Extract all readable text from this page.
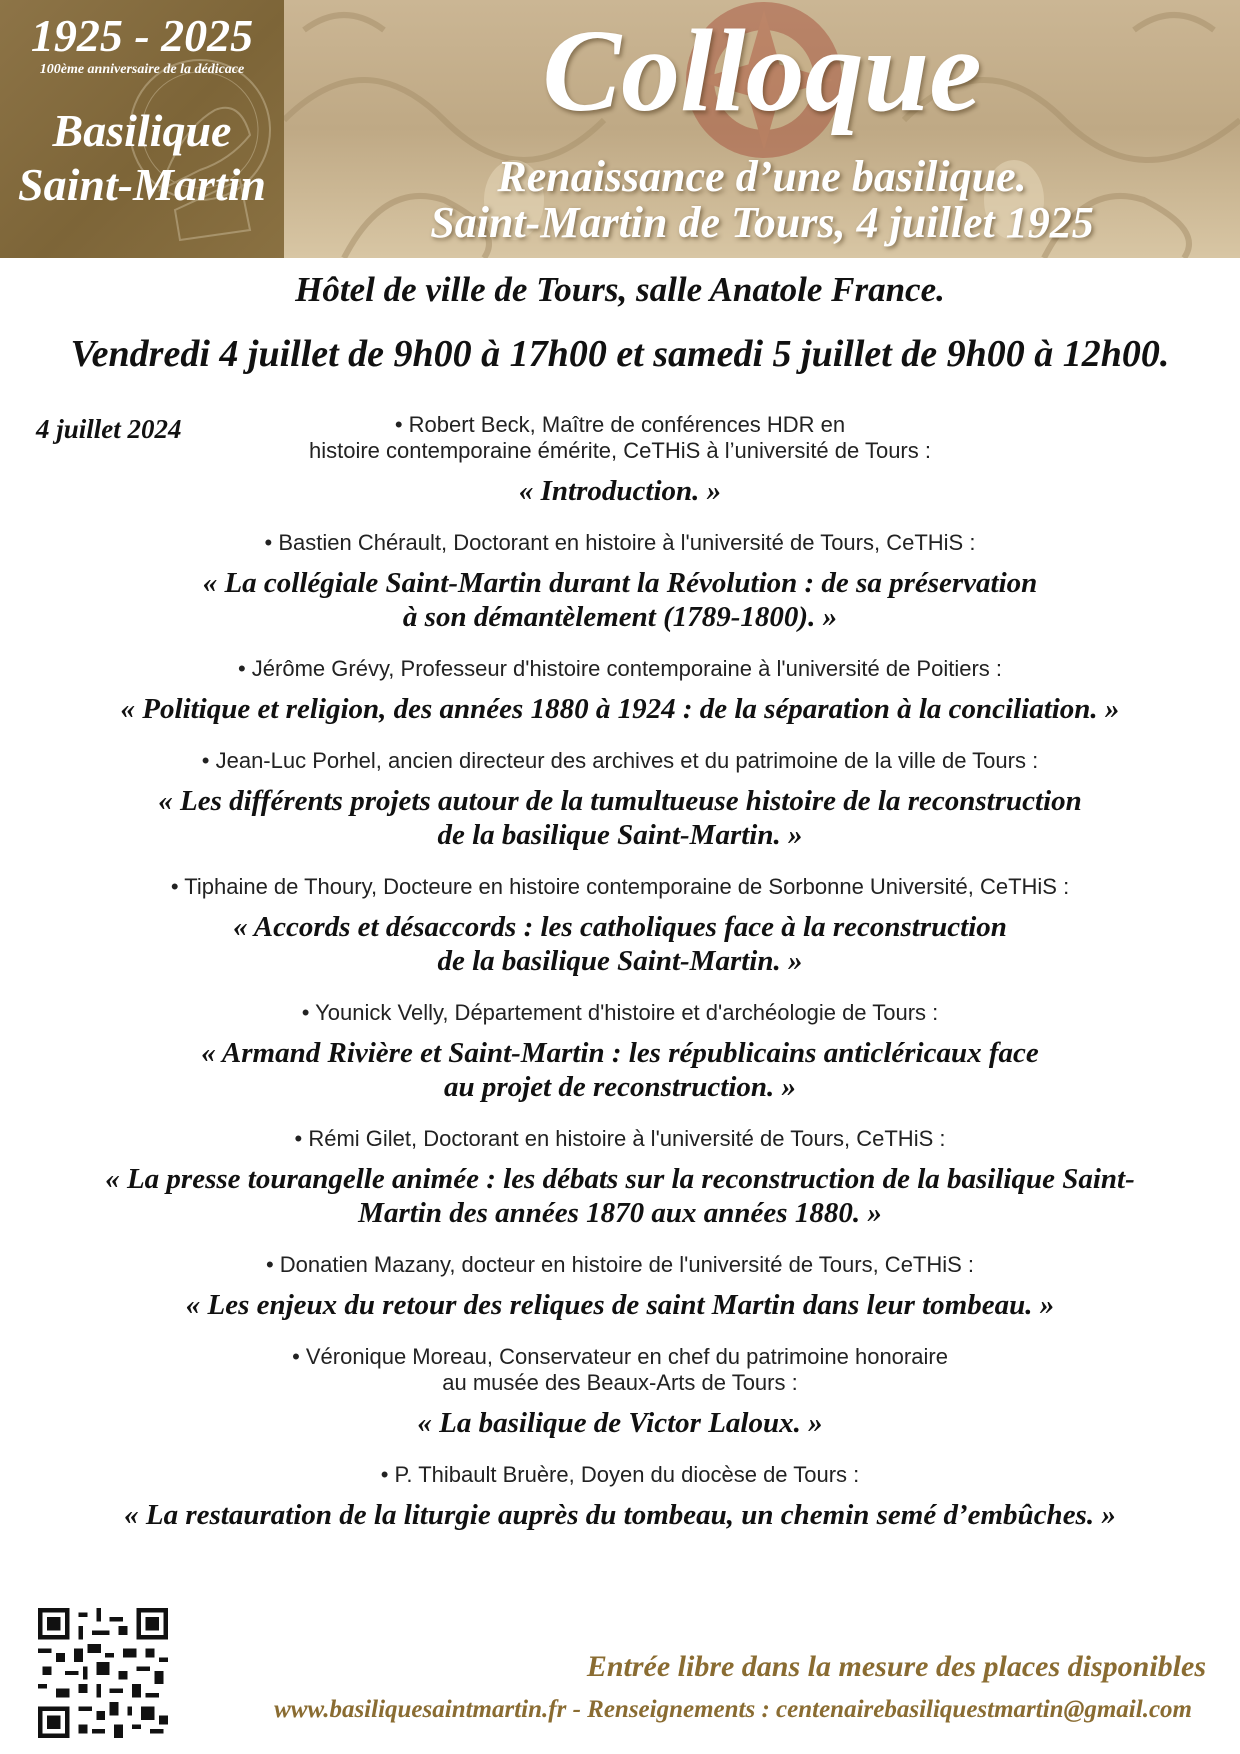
1925 - 2025
100ème anniversaire de la dédicace
Basilique
Saint-Martin
Colloque
Renaissance d’une basilique.
Saint-Martin de Tours, 4 juillet 1925
Hôtel de ville de Tours, salle Anatole France.
Vendredi 4 juillet de 9h00 à 17h00 et samedi 5 juillet de 9h00 à 12h00.
4 juillet 2024	• Robert Beck, Maître de conférences HDR en
histoire contemporaine émérite, CeTHiS à l’université de Tours :
« Introduction. »
• Bastien Chérault, Doctorant en histoire à l'université de Tours, CeTHiS :
« La collégiale Saint-Martin durant la Révolution : de sa préservation
à son démantèlement (1789-1800). »
• Jérôme Grévy, Professeur d'histoire contemporaine à l'université de Poitiers :
« Politique et religion, des années 1880 à 1924 : de la séparation à la conciliation. »
• Jean-Luc Porhel, ancien directeur des archives et du patrimoine de la ville de Tours :
« Les différents projets autour de la tumultueuse histoire de la reconstruction
de la basilique Saint-Martin. »
• Tiphaine de Thoury, Docteure en histoire contemporaine de Sorbonne Université, CeTHiS :
« Accords et désaccords : les catholiques face à la reconstruction
de la basilique Saint-Martin. »
• Younick Velly, Département d'histoire et d'archéologie de Tours :
« Armand Rivière et Saint-Martin : les républicains anticléricaux face
au projet de reconstruction. »
• Rémi Gilet, Doctorant en histoire à l'université de Tours, CeTHiS :
« La presse tourangelle animée : les débats sur la reconstruction de la basilique Saint-
Martin des années 1870 aux années 1880. »
• Donatien Mazany, docteur en histoire de l'université de Tours, CeTHiS :
« Les enjeux du retour des reliques de saint Martin dans leur tombeau. »
• Véronique Moreau, Conservateur en chef du patrimoine honoraire
au musée des Beaux-Arts de Tours :
« La basilique de Victor Laloux. »
• P. Thibault Bruère, Doyen du diocèse de Tours :
« La restauration de la liturgie auprès du tombeau, un chemin semé d’embûches. »
Entrée libre dans la mesure des places disponibles
www.basiliquesaintmartin.fr - Renseignements : centenairebasiliquestmartin@gmail.com
